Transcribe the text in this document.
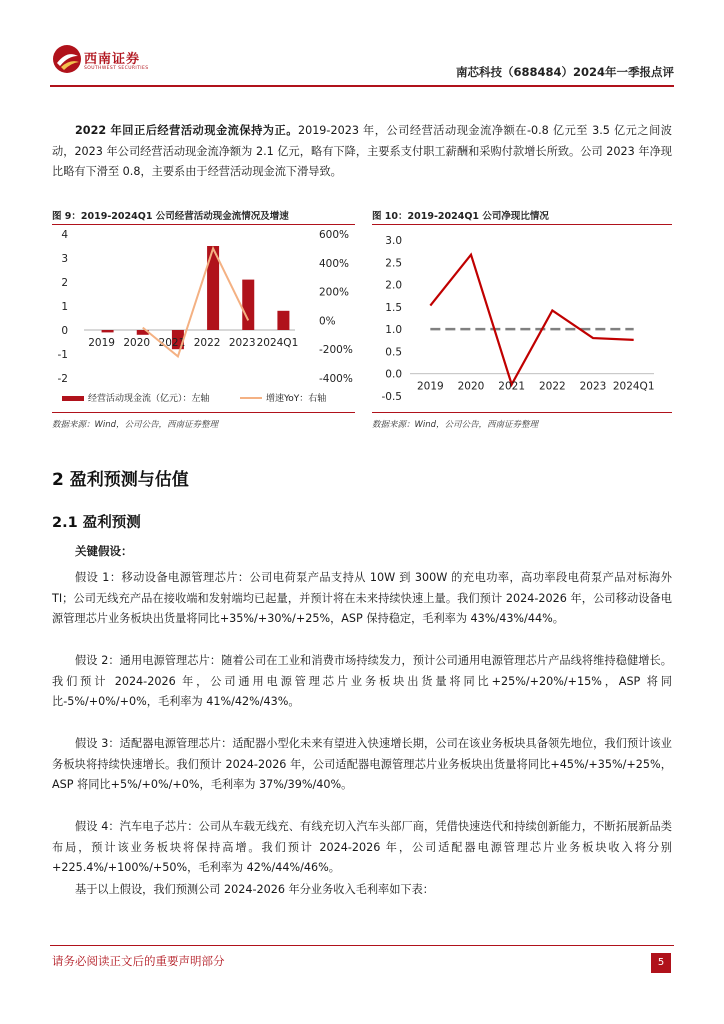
西南证券
SOUTHWEST SECURITIES	南芯科技（688484）2024年一季报点评
2022 年回正后经营活动现金流保持为正。2019-2023 年，公司经营活动现金流净额在-0.8 亿元至 3.5 亿元之间波动，2023 年公司经营活动现金流净额为 2.1 亿元，略有下降，主要系支付职工薪酬和采购付款增长所致。公司 2023 年净现比略有下滑至 0.8，主要系由于经营活动现金流下滑导致。
图 9：2019-2024Q1 公司经营活动现金流情况及增速
4
3
2
1
0
-1
-2
600%
400%
200%
0%
-200%
-400%
2019 2020 2021 2022 2023 2024Q1
经营活动现金流（亿元）：左轴	增速YoY：右轴
数据来源：Wind，公司公告，西南证券整理
图 10：2019-2024Q1 公司净现比情况
3.0
2.5
2.0
1.5
1.0
0.5
0.0
-0.5
2019 2020 2021 2022 2023 2024Q1
数据来源：Wind，公司公告，西南证券整理
2 盈利预测与估值
2.1 盈利预测
关键假设：
假设 1：移动设备电源管理芯片：公司电荷泵产品支持从 10W 到 300W 的充电功率，高功率段电荷泵产品对标海外 TI；公司无线充产品在接收端和发射端均已起量，并预计将在未来持续快速上量。我们预计 2024-2026 年，公司移动设备电源管理芯片业务板块出货量将同比+35%/+30%/+25%，ASP 保持稳定，毛利率为 43%/43%/44%。
假设 2：通用电源管理芯片：随着公司在工业和消费市场持续发力，预计公司通用电源管理芯片产品线将维持稳健增长。我们预计 2024-2026 年，公司通用电源管理芯片业务板块出货量将同比+25%/+20%/+15%，ASP 将同比-5%/+0%/+0%，毛利率为 41%/42%/43%。
假设 3：适配器电源管理芯片：适配器小型化未来有望进入快速增长期，公司在该业务板块具备领先地位，我们预计该业务板块将持续快速增长。我们预计 2024-2026 年，公司适配器电源管理芯片业务板块出货量将同比+45%/+35%/+25%，ASP 将同比+5%/+0%/+0%，毛利率为 37%/39%/40%。
假设 4：汽车电子芯片：公司从车载无线充、有线充切入汽车头部厂商，凭借快速迭代和持续创新能力，不断拓展新品类布局，预计该业务板块将保持高增。我们预计 2024-2026 年，公司适配器电源管理芯片业务板块收入将分别+225.4%/+100%/+50%，毛利率为 42%/44%/46%。
基于以上假设，我们预测公司 2024-2026 年分业务收入毛利率如下表：
请务必阅读正文后的重要声明部分	5
